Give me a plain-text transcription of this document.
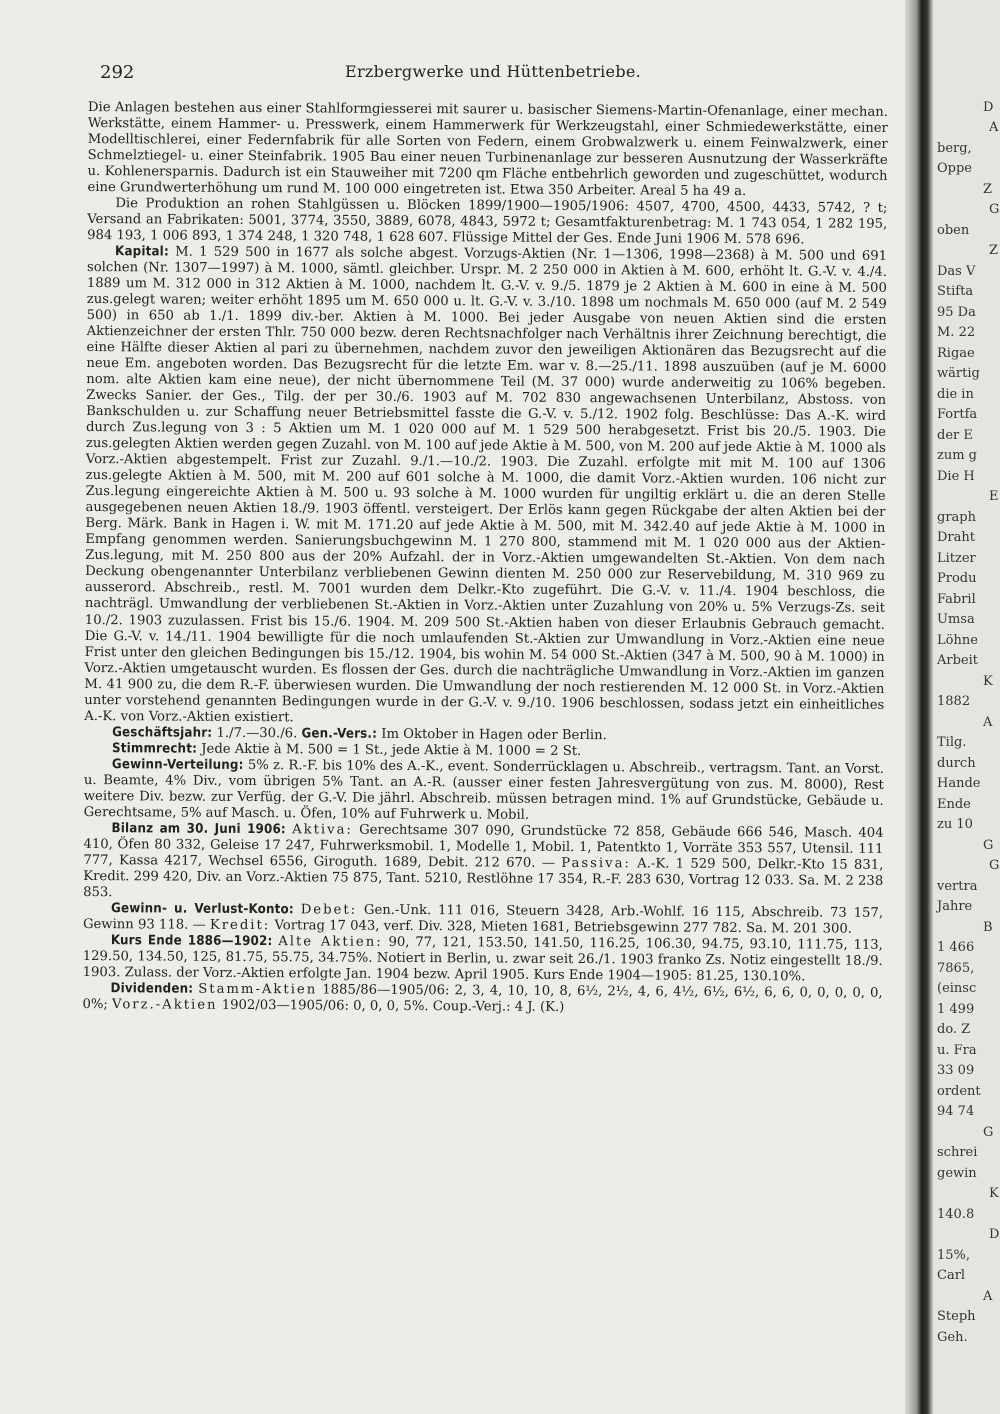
292	Erzbergwerke und Hüttenbetriebe.

Die Anlagen bestehen aus einer Stahlformgiesserei mit saurer u. basischer Siemens-Martin-Ofenanlage, einer mechan. Werkstätte, einem Hammer- u. Presswerk, einem Hammerwerk für Werkzeugstahl, einer Schmiedewerkstätte, einer Modelltischlerei, einer Federnfabrik für alle Sorten von Federn, einem Grobwalzwerk u. einem Feinwalzwerk, einer Schmelztiegel- u. einer Steinfabrik. 1905 Bau einer neuen Turbinenanlage zur besseren Ausnutzung der Wasserkräfte u. Kohlenersparnis. Dadurch ist ein Stauweiher mit 7200 qm Fläche entbehrlich geworden und zugeschüttet, wodurch eine Grundwerterhöhung um rund M. 100 000 eingetreten ist. Etwa 350 Arbeiter. Areal 5 ha 49 a.

Die Produktion an rohen Stahlgüssen u. Blöcken 1899/1900—1905/1906: 4507, 4700, 4500, 4433, 5742, ? t; Versand an Fabrikaten: 5001, 3774, 3550, 3889, 6078, 4843, 5972 t; Gesamtfakturenbetrag: M. 1 743 054, 1 282 195, 984 193, 1 006 893, 1 374 248, 1 320 748, 1 628 607. Flüssige Mittel der Ges. Ende Juni 1906 M. 578 696.

Kapital: M. 1 529 500 in 1677 als solche abgest. Vorzugs-Aktien (Nr. 1—1306, 1998—2368) à M. 500 und 691 solchen (Nr. 1307—1997) à M. 1000, sämtl. gleichber. Urspr. M. 2 250 000 in Aktien à M. 600, erhöht lt. G.-V. v. 4./4. 1889 um M. 312 000 in 312 Aktien à M. 1000, nachdem lt. G.-V. v. 9./5. 1879 je 2 Aktien à M. 600 in eine à M. 500 zus.gelegt waren; weiter erhöht 1895 um M. 650 000 u. lt. G.-V. v. 3./10. 1898 um nochmals M. 650 000 (auf M. 2 549 500) in 650 ab 1./1. 1899 div.-ber. Aktien à M. 1000. Bei jeder Ausgabe von neuen Aktien sind die ersten Aktienzeichner der ersten Thlr. 750 000 bezw. deren Rechtsnachfolger nach Verhältnis ihrer Zeichnung berechtigt, die eine Hälfte dieser Aktien al pari zu übernehmen, nachdem zuvor den jeweiligen Aktionären das Bezugsrecht auf die neue Em. angeboten worden. Das Bezugsrecht für die letzte Em. war v. 8.—25./11. 1898 auszuüben (auf je M. 6000 nom. alte Aktien kam eine neue), der nicht übernommene Teil (M. 37 000) wurde anderweitig zu 106% begeben. Zwecks Sanier. der Ges., Tilg. der per 30./6. 1903 auf M. 702 830 angewachsenen Unterbilanz, Abstoss. von Bankschulden u. zur Schaffung neuer Betriebsmittel fasste die G.-V. v. 5./12. 1902 folg. Beschlüsse: Das A.-K. wird durch Zus.legung von 3 : 5 Aktien um M. 1 020 000 auf M. 1 529 500 herabgesetzt. Frist bis 20./5. 1903. Die zus.gelegten Aktien werden gegen Zuzahl. von M. 100 auf jede Aktie à M. 500, von M. 200 auf jede Aktie à M. 1000 als Vorz.-Aktien abgestempelt. Frist zur Zuzahl. 9./1.—10./2. 1903. Die Zuzahl. erfolgte mit mit M. 100 auf 1306 zus.gelegte Aktien à M. 500, mit M. 200 auf 601 solche à M. 1000, die damit Vorz.-Aktien wurden. 106 nicht zur Zus.legung eingereichte Aktien à M. 500 u. 93 solche à M. 1000 wurden für ungiltig erklärt u. die an deren Stelle ausgegebenen neuen Aktien 18./9. 1903 öffentl. versteigert. Der Erlös kann gegen Rückgabe der alten Aktien bei der Berg. Märk. Bank in Hagen i. W. mit M. 171.20 auf jede Aktie à M. 500, mit M. 342.40 auf jede Aktie à M. 1000 in Empfang genommen werden. Sanierungsbuchgewinn M. 1 270 800, stammend mit M. 1 020 000 aus der Aktien-Zus.legung, mit M. 250 800 aus der 20% Aufzahl. der in Vorz.-Aktien umgewandelten St.-Aktien. Von dem nach Deckung obengenannter Unterbilanz verbliebenen Gewinn dienten M. 250 000 zur Reservebildung, M. 310 969 zu ausserord. Abschreib., restl. M. 7001 wurden dem Delkr.-Kto zugeführt. Die G.-V. v. 11./4. 1904 beschloss, die nachträgl. Umwandlung der verbliebenen St.-Aktien in Vorz.-Aktien unter Zuzahlung von 20% u. 5% Verzugs-Zs. seit 10./2. 1903 zuzulassen. Frist bis 15./6. 1904. M. 209 500 St.-Aktien haben von dieser Erlaubnis Gebrauch gemacht. Die G.-V. v. 14./11. 1904 bewilligte für die noch umlaufenden St.-Aktien zur Umwandlung in Vorz.-Aktien eine neue Frist unter den gleichen Bedingungen bis 15./12. 1904, bis wohin M. 54 000 St.-Aktien (347 à M. 500, 90 à M. 1000) in Vorz.-Aktien umgetauscht wurden. Es flossen der Ges. durch die nachträgliche Umwandlung in Vorz.-Aktien im ganzen M. 41 900 zu, die dem R.-F. überwiesen wurden. Die Umwandlung der noch restierenden M. 12 000 St. in Vorz.-Aktien unter vorstehend genannten Bedingungen wurde in der G.-V. v. 9./10. 1906 beschlossen, sodass jetzt ein einheitliches A.-K. von Vorz.-Aktien existiert.

Geschäftsjahr: 1./7.—30./6. Gen.-Vers.: Im Oktober in Hagen oder Berlin.

Stimmrecht: Jede Aktie à M. 500 = 1 St., jede Aktie à M. 1000 = 2 St.

Gewinn-Verteilung: 5% z. R.-F. bis 10% des A.-K., event. Sonderrücklagen u. Abschreib., vertragsm. Tant. an Vorst. u. Beamte, 4% Div., vom übrigen 5% Tant. an A.-R. (ausser einer festen Jahresvergütung von zus. M. 8000), Rest weitere Div. bezw. zur Verfüg. der G.-V. Die jährl. Abschreib. müssen betragen mind. 1% auf Grundstücke, Gebäude u. Gerechtsame, 5% auf Masch. u. Öfen, 10% auf Fuhrwerk u. Mobil.

Bilanz am 30. Juni 1906: Aktiva: Gerechtsame 307 090, Grundstücke 72 858, Gebäude 666 546, Masch. 404 410, Öfen 80 332, Geleise 17 247, Fuhrwerksmobil. 1, Modelle 1, Mobil. 1, Patentkto 1, Vorräte 353 557, Utensil. 111 777, Kassa 4217, Wechsel 6556, Giroguth. 1689, Debit. 212 670. — Passiva: A.-K. 1 529 500, Delkr.-Kto 15 831, Kredit. 299 420, Div. an Vorz.-Aktien 75 875, Tant. 5210, Restlöhne 17 354, R.-F. 283 630, Vortrag 12 033. Sa. M. 2 238 853.

Gewinn- u. Verlust-Konto: Debet: Gen.-Unk. 111 016, Steuern 3428, Arb.-Wohlf. 16 115, Abschreib. 73 157, Gewinn 93 118. — Kredit: Vortrag 17 043, verf. Div. 328, Mieten 1681, Betriebsgewinn 277 782. Sa. M. 201 300.

Kurs Ende 1886—1902: Alte Aktien: 90, 77, 121, 153.50, 141.50, 116.25, 106.30, 94.75, 93.10, 111.75, 113, 129.50, 134.50, 125, 81.75, 55.75, 34.75%. Notiert in Berlin, u. zwar seit 26./1. 1903 franko Zs. Notiz eingestellt 18./9. 1903. Zulass. der Vorz.-Aktien erfolgte Jan. 1904 bezw. April 1905. Kurs Ende 1904—1905: 81.25, 130.10%.

Dividenden: Stamm-Aktien 1885/86—1905/06: 2, 3, 4, 10, 10, 8, 6½, 2½, 4, 6, 4½, 6½, 6½, 6, 6, 0, 0, 0, 0, 0, 0%; Vorz.-Aktien 1902/03—1905/06: 0, 0, 0, 5%. Coup.-Verj.: 4 J. (K.)

D
A
berg,
Oppe
Z
G
oben
Z
Das V
Stifta
95 Da
M. 22
Rigae
wärtig
die in
Fortfa
der E
zum g
Die H
E
graph
Draht
Litzer
Produ
Fabril
Umsa
Löhne
Arbeit
K
1882
A
Tilg.
durch
Hande
Ende
zu 10
G
G
vertra
Jahre
B
1 466
7865,
(einsc
1 499
do. Z
u. Fra
33 09
ordent
94 74
G
schrei
gewin
K
140.8
D
15%,
Carl
A
Steph
Geh.
